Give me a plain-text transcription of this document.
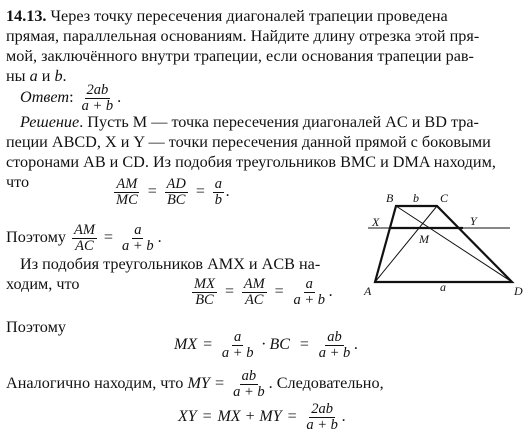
14.13. Через точку пересечения диагоналей трапеции проведена
прямая, параллельная основаниям. Найдите длину отрезка этой пря-
мой, заключённого внутри трапеции, если основания трапеции рав-
ны a и b.
Ответ: $\frac{2ab}{a + b}$ .
Решение. Пусть M — точка пересечения диагоналей AC и BD тра-
пеции ABCD, X и Y — точки пересечения данной прямой с боковыми
сторонами AB и CD. Из подобия треугольников BMC и DMA находим,
что	$\frac{AM}{MC} = \frac{AD}{BC} = \frac{a}{b}$ .
Поэтому $\frac{AM}{AC} = \frac{a}{a + b}$ .
Из подобия треугольников AMX и ACB на-
ходим, что	$\frac{MX}{BC} = \frac{AM}{AC} = \frac{a}{a + b}$ .
Поэтому
MX = $\frac{a}{a + b}$ · BC = $\frac{ab}{a + b}$ .
Аналогично находим, что MY = $\frac{ab}{a + b}$ . Следовательно,
XY = MX + MY = $\frac{2ab}{a + b}$ .
B	C
b
X	Y
M
A	a	D
